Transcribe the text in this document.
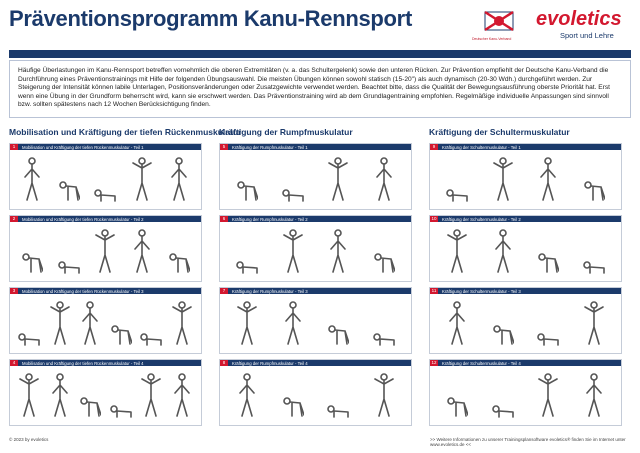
Präventionsprogramm Kanu-Rennsport
Deutscher Kanu-Verband
evoletics
Sport und Lehre
Hinweise
Häufige Überlastungen im Kanu-Rennsport betreffen vornehmlich die oberen Extremitäten (v. a. das Schultergelenk) sowie den unteren Rücken. Zur Prävention empfiehlt der Deutsche Kanu-Verband die Durchführung eines Präventionstrainings mit Hilfe der folgenden Übungsauswahl. Die meisten Übungen können sowohl statisch (15-20") als auch dynamisch (20-30 Wdh.) durchgeführt werden. Zur Steigerung der Intensität können labile Unterlagen, Positionsveränderungen oder Zusatzgewichte verwendet werden. Beachtet bitte, dass die Qualität der Bewegungsausführung oberste Priorität hat. Erst wenn eine Übung in der Grundform beherrscht wird, kann sie erschwert werden. Das Präventionstraining wird ab dem Grundlagentraining empfohlen. Regelmäßige individuelle Anpassungen sind sinnvoll bzw. sollten spätestens nach 12 Wochen Berücksichtigung finden.
Mobilisation und Kräftigung der tiefen Rückenmuskulatur
1	Mobilisation und Kräftigung der tiefen Rückenmuskulatur - Teil 1
2	Mobilisation und Kräftigung der tiefen Rückenmuskulatur - Teil 2
3	Mobilisation und Kräftigung der tiefen Rückenmuskulatur - Teil 3
4	Mobilisation und Kräftigung der tiefen Rückenmuskulatur - Teil 4
Kräftigung der Rumpfmuskulatur
5	Kräftigung der Rumpfmuskulatur - Teil 1
6	Kräftigung der Rumpfmuskulatur - Teil 2
7	Kräftigung der Rumpfmuskulatur - Teil 3
8	Kräftigung der Rumpfmuskulatur - Teil 4
Kräftigung der Schultermuskulatur
9	Kräftigung der Schultermuskulatur - Teil 1
10	Kräftigung der Schultermuskulatur - Teil 2
11	Kräftigung der Schultermuskulatur - Teil 3
12	Kräftigung der Schultermuskulatur - Teil 4
© 2023 by evoletics	>> Weitere Informationen zu unserer Trainingsplansoftware evoletics® finden Sie im Internet unter www.evoletics.de <<
